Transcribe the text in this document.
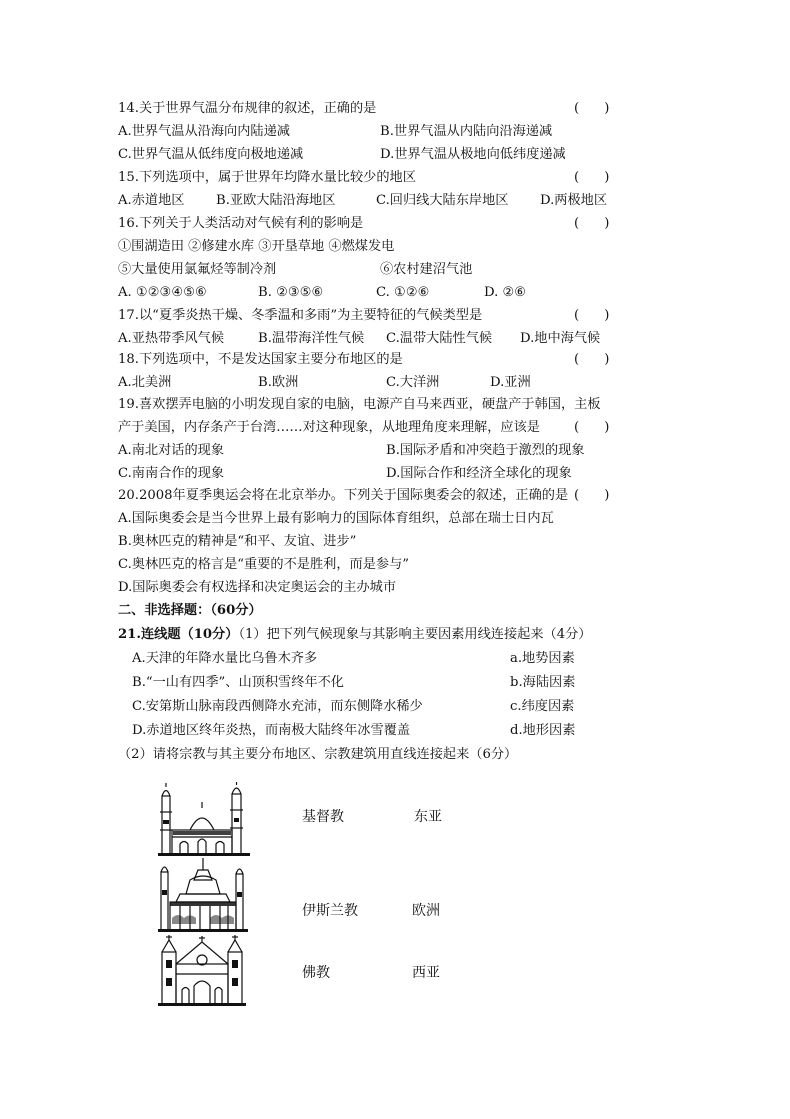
14.关于世界气温分布规律的叙述，正确的是	(      )
A.世界气温从沿海向内陆递减	B.世界气温从内陆向沿海递减
C.世界气温从低纬度向极地递减	D.世界气温从极地向低纬度递减
15.下列选项中，属于世界年均降水量比较少的地区	(      )
A.赤道地区 B.亚欧大陆沿海地区	C.回归线大陆东岸地区 D.两极地区
16.下列关于人类活动对气候有利的影响是	(      )
①围湖造田 ②修建水库 ③开垦草地 ④燃煤发电
⑤大量使用氯氟烃等制冷剂	⑥农村建沼气池
A. ①②③④⑤⑥	B. ②③⑤⑥	C. ①②⑥	D. ②⑥
17.以“夏季炎热干燥、冬季温和多雨”为主要特征的气候类型是	(      )
A.亚热带季风气候	B.温带海洋性气候 C.温带大陆性气候 D.地中海气候
18.下列选项中，不是发达国家主要分布地区的是	(      )
A.北美洲	B.欧洲	C.大洋洲	D.亚洲
19.喜欢摆弄电脑的小明发现自家的电脑，电源产自马来西亚，硬盘产于韩国，主板
产于美国，内存条产于台湾……对这种现象，从地理角度来理解，应该是	(      )
A.南北对话的现象	B.国际矛盾和冲突趋于激烈的现象
C.南南合作的现象	D.国际合作和经济全球化的现象
20.2008年夏季奥运会将在北京举办。下列关于国际奥委会的叙述，正确的是 (      )
A.国际奥委会是当今世界上最有影响力的国际体育组织，总部在瑞士日内瓦
B.奥林匹克的精神是“和平、友谊、进步”
C.奥林匹克的格言是“重要的不是胜利，而是参与”
D.国际奥委会有权选择和决定奥运会的主办城市
二、非选择题：（60分）
21.连线题（10分）（1）把下列气候现象与其影响主要因素用线连接起来（4分）
A.天津的年降水量比乌鲁木齐多	a.地势因素
B.“一山有四季”、山顶积雪终年不化	b.海陆因素
C.安第斯山脉南段西侧降水充沛，而东侧降水稀少	c.纬度因素
D.赤道地区终年炎热，而南极大陆终年冰雪覆盖	d.地形因素
（2）请将宗教与其主要分布地区、宗教建筑用直线连接起来（6分）
基督教	东亚
伊斯兰教	欧洲
佛教	西亚
